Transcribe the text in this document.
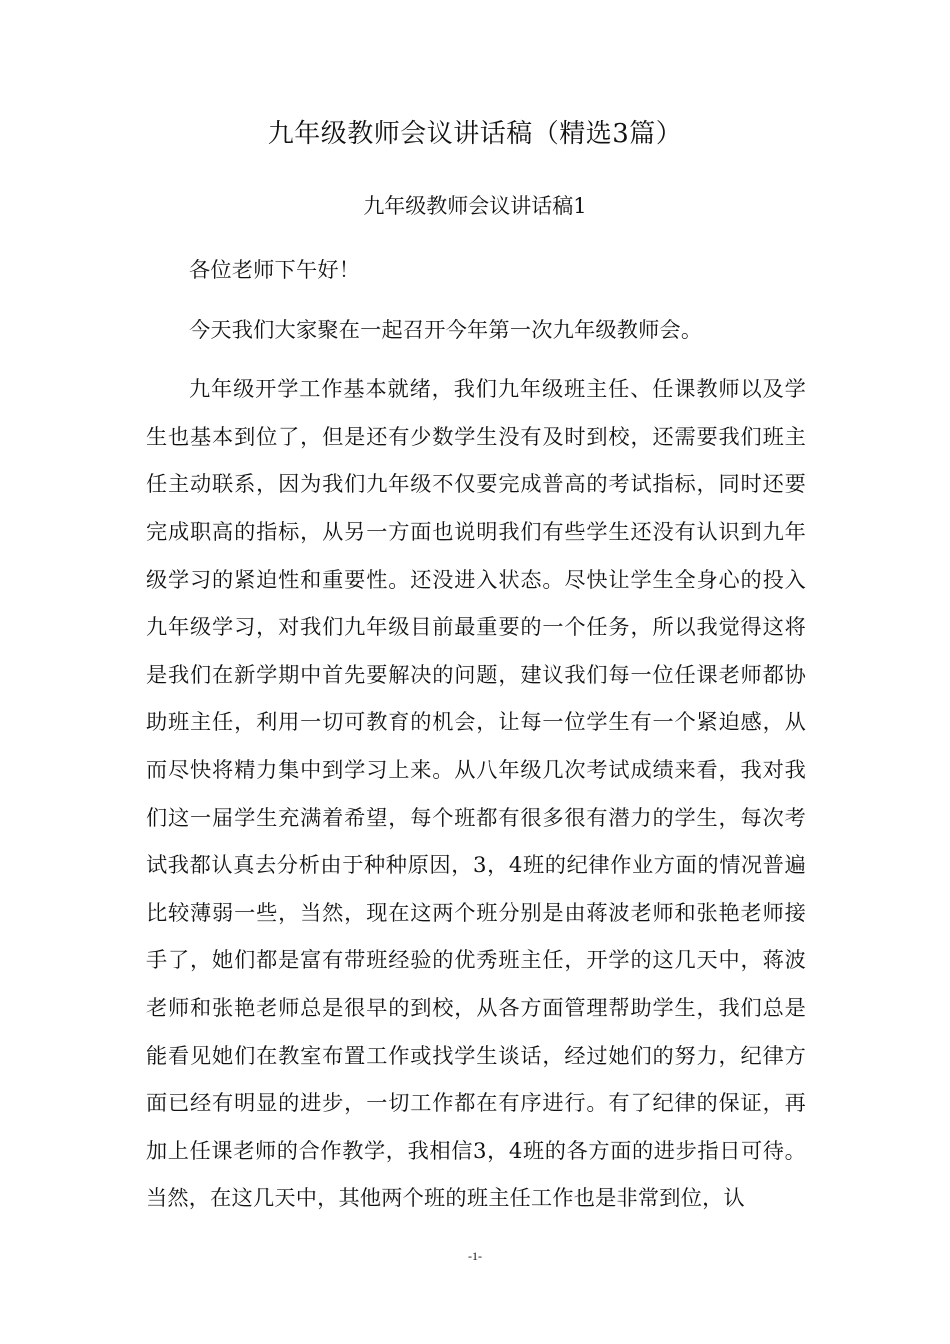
九年级教师会议讲话稿（精选3篇）
九年级教师会议讲话稿1

各位老师下午好！

今天我们大家聚在一起召开今年第一次九年级教师会。

九年级开学工作基本就绪，我们九年级班主任、任课教师以及学生也基本到位了，但是还有少数学生没有及时到校，还需要我们班主任主动联系，因为我们九年级不仅要完成普高的考试指标，同时还要完成职高的指标，从另一方面也说明我们有些学生还没有认识到九年级学习的紧迫性和重要性。还没进入状态。尽快让学生全身心的投入九年级学习，对我们九年级目前最重要的一个任务，所以我觉得这将是我们在新学期中首先要解决的问题，建议我们每一位任课老师都协助班主任，利用一切可教育的机会，让每一位学生有一个紧迫感，从而尽快将精力集中到学习上来。从八年级几次考试成绩来看，我对我们这一届学生充满着希望，每个班都有很多很有潜力的学生，每次考试我都认真去分析由于种种原因，3，4班的纪律作业方面的情况普遍比较薄弱一些，当然，现在这两个班分别是由蒋波老师和张艳老师接手了，她们都是富有带班经验的优秀班主任，开学的这几天中，蒋波老师和张艳老师总是很早的到校，从各方面管理帮助学生，我们总是能看见她们在教室布置工作或找学生谈话，经过她们的努力，纪律方面已经有明显的进步，一切工作都在有序进行。有了纪律的保证，再加上任课老师的合作教学，我相信3，4班的各方面的进步指日可待。当然，在这几天中，其他两个班的班主任工作也是非常到位，认

-1-
